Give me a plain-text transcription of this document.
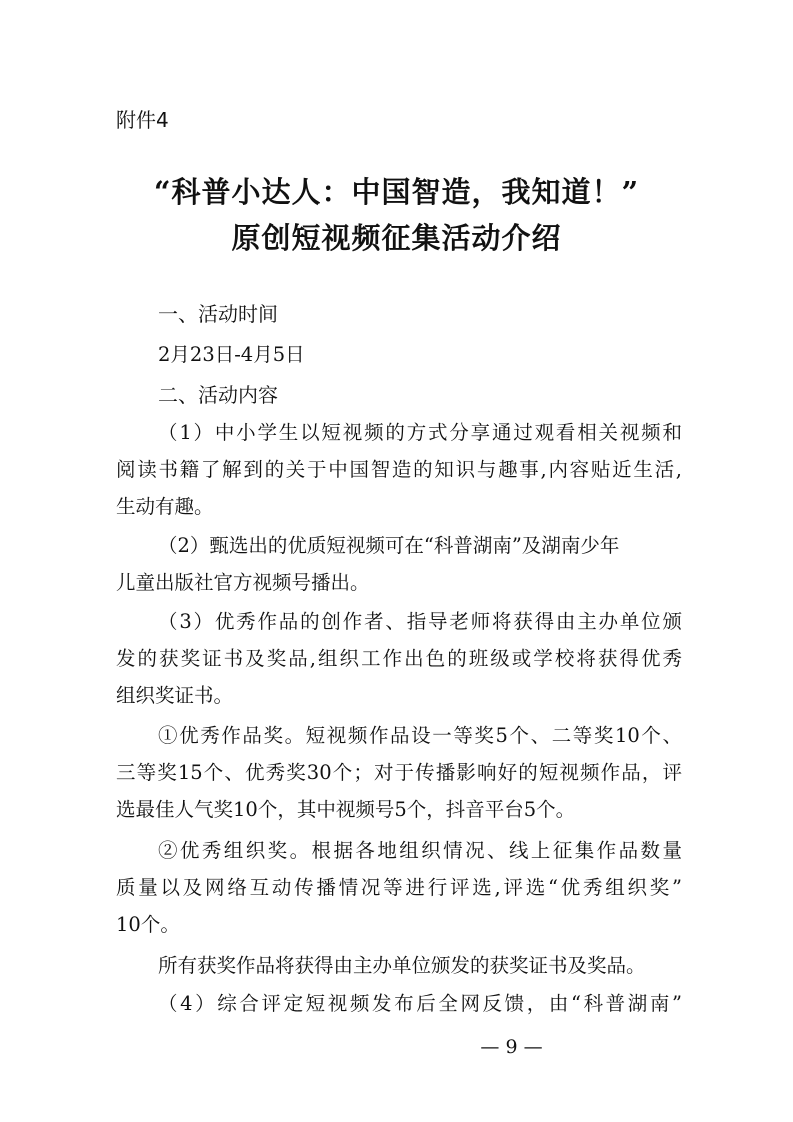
附件4
“科普小达人：中国智造，我知道！”
原创短视频征集活动介绍
一、活动时间
2月23日-4月5日
二、活动内容
（1）中小学生以短视频的方式分享通过观看相关视频和
阅读书籍了解到的关于中国智造的知识与趣事,内容贴近生活,
生动有趣。
（2）甄选出的优质短视频可在“科普湖南”及湖南少年
儿童出版社官方视频号播出。
（3）优秀作品的创作者、指导老师将获得由主办单位颁
发的获奖证书及奖品,组织工作出色的班级或学校将获得优秀
组织奖证书。
①优秀作品奖。短视频作品设一等奖5个、二等奖10个、
三等奖15个、优秀奖30个；对于传播影响好的短视频作品，评
选最佳人气奖10个，其中视频号5个，抖音平台5个。
②优秀组织奖。根据各地组织情况、线上征集作品数量
质量以及网络互动传播情况等进行评选,评选“优秀组织奖”
10个。
所有获奖作品将获得由主办单位颁发的获奖证书及奖品。
（4）综合评定短视频发布后全网反馈，由“科普湖南”
— 9 —
